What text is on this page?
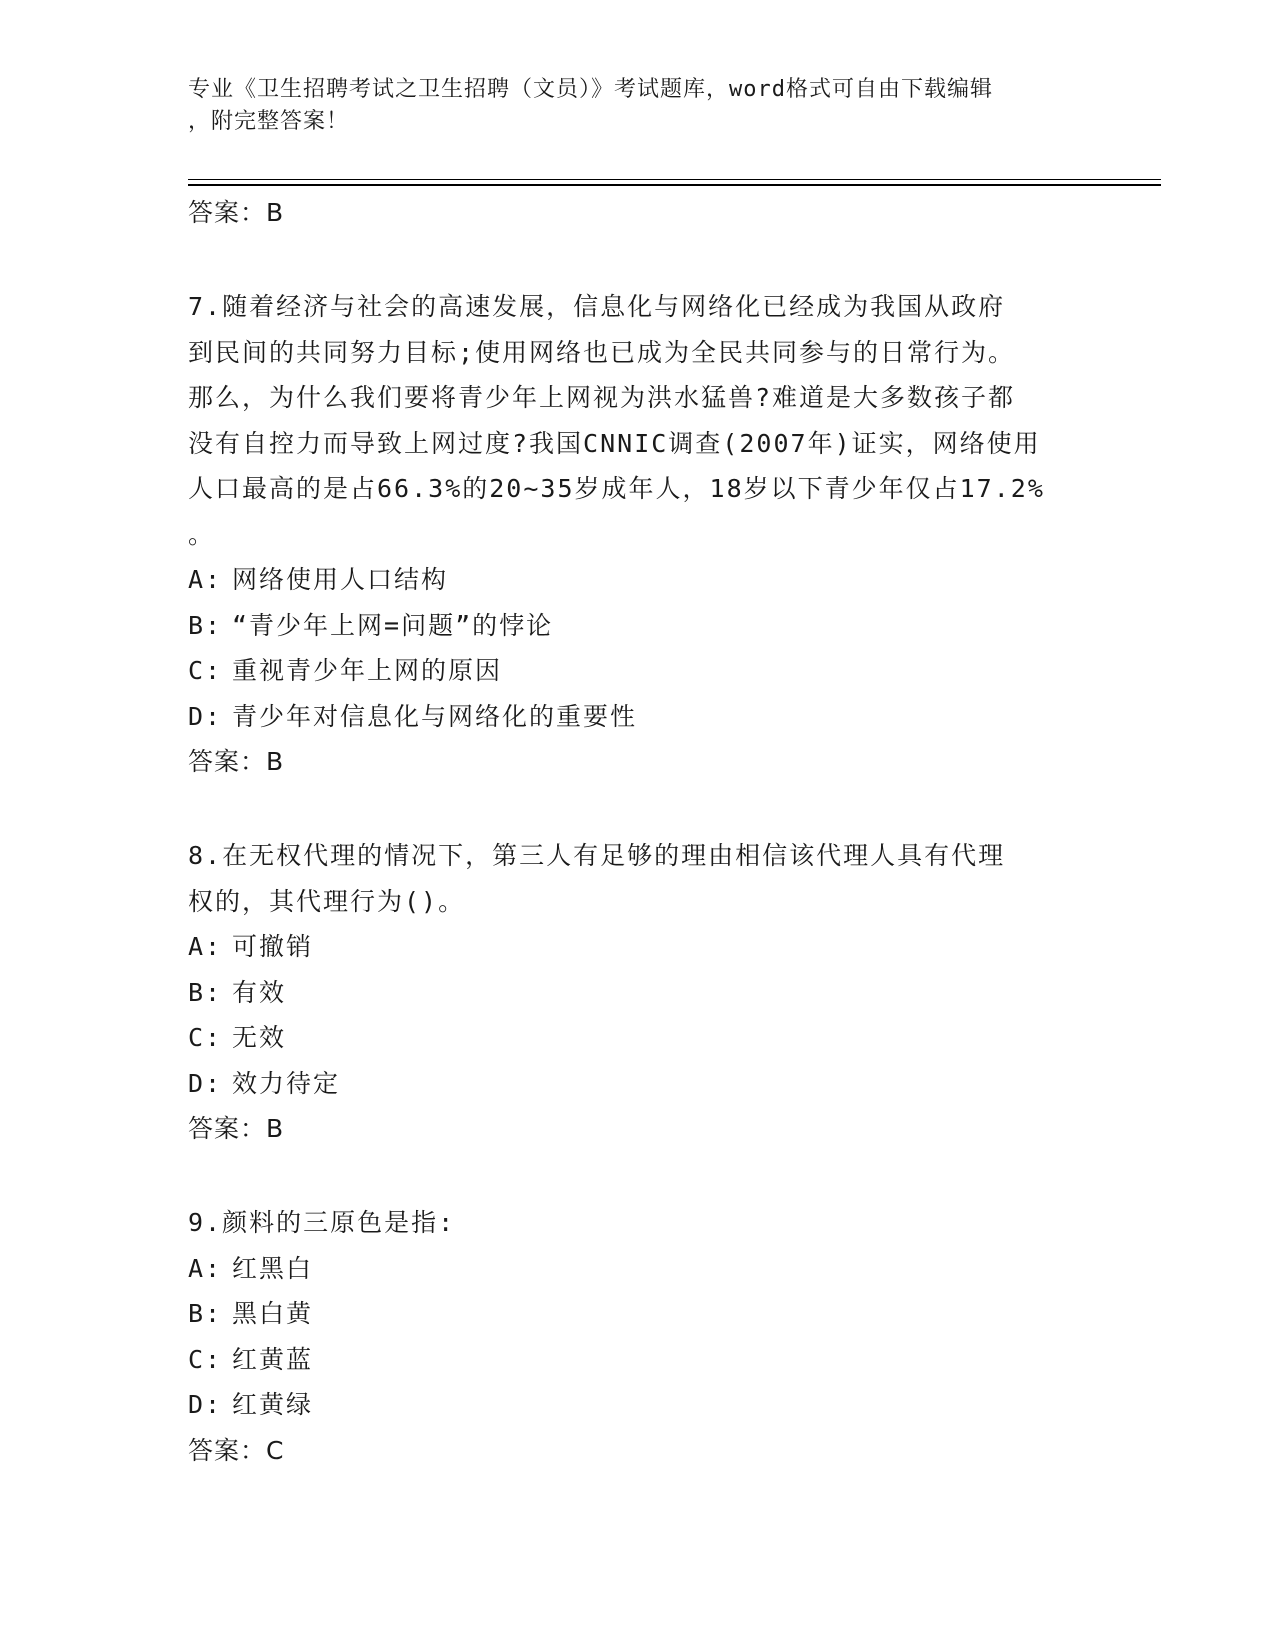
专业《卫生招聘考试之卫生招聘（文员）》考试题库，word格式可自由下载编辑
，附完整答案！

答案：B

7.随着经济与社会的高速发展，信息化与网络化已经成为我国从政府

到民间的共同努力目标;使用网络也已成为全民共同参与的日常行为。

那么，为什么我们要将青少年上网视为洪水猛兽?难道是大多数孩子都

没有自控力而导致上网过度?我国CNNIC调查(2007年)证实，网络使用

人口最高的是占66.3%的20~35岁成年人，18岁以下青少年仅占17.2%

。

A: 网络使用人口结构

B: “青少年上网=问题”的悖论

C: 重视青少年上网的原因

D: 青少年对信息化与网络化的重要性

答案：B

8.在无权代理的情况下，第三人有足够的理由相信该代理人具有代理

权的，其代理行为()。

A: 可撤销

B: 有效

C: 无效

D: 效力待定

答案：B

9.颜料的三原色是指:

A: 红黑白

B: 黑白黄

C: 红黄蓝

D: 红黄绿

答案：C
